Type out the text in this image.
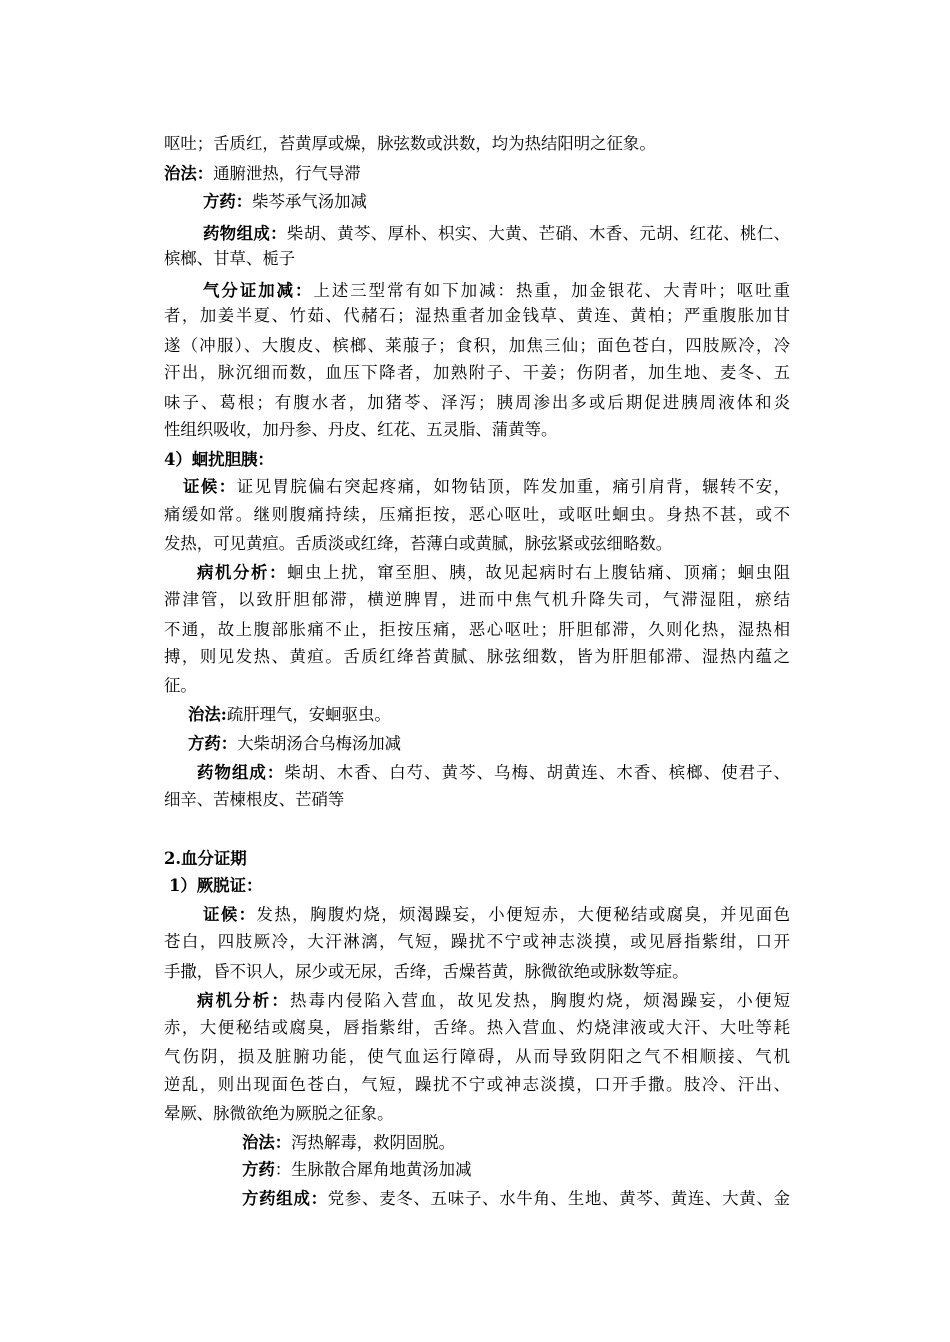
呕吐；舌质红，苔黄厚或燥，脉弦数或洪数，均为热结阳明之征象。
治法：通腑泄热，行气导滞
方药：柴芩承气汤加减
药物组成：柴胡、黄芩、厚朴、枳实、大黄、芒硝、木香、元胡、红花、桃仁、
槟榔、甘草、栀子
气分证加减：上述三型常有如下加减：热重，加金银花、大青叶；呕吐重
者，加姜半夏、竹茹、代赭石；湿热重者加金钱草、黄连、黄柏；严重腹胀加甘
遂（冲服）、大腹皮、槟榔、莱菔子；食积，加焦三仙；面色苍白，四肢厥冷，冷
汗出，脉沉细而数，血压下降者，加熟附子、干姜；伤阴者，加生地、麦冬、五
味子、葛根；有腹水者，加猪苓、泽泻；胰周渗出多或后期促进胰周液体和炎
性组织吸收，加丹参、丹皮、红花、五灵脂、蒲黄等。
4）蛔扰胆胰：
证候：证见胃脘偏右突起疼痛，如物钻顶，阵发加重，痛引肩背，辗转不安，
痛缓如常。继则腹痛持续，压痛拒按，恶心呕吐，或呕吐蛔虫。身热不甚，或不
发热，可见黄疸。舌质淡或红绛，苔薄白或黄腻，脉弦紧或弦细略数。
病机分析：蛔虫上扰，窜至胆、胰，故见起病时右上腹钻痛、顶痛；蛔虫阻
滞津管，以致肝胆郁滞，横逆脾胃，进而中焦气机升降失司，气滞湿阻，瘀结
不通，故上腹部胀痛不止，拒按压痛，恶心呕吐；肝胆郁滞，久则化热，湿热相
搏，则见发热、黄疸。舌质红绛苔黄腻、脉弦细数，皆为肝胆郁滞、湿热内蕴之
征。
治法:疏肝理气，安蛔驱虫。
方药：大柴胡汤合乌梅汤加减
药物组成：柴胡、木香、白芍、黄芩、乌梅、胡黄连、木香、槟榔、使君子、
细辛、苦楝根皮、芒硝等
2.血分证期
1）厥脱证：
证候：发热，胸腹灼烧，烦渴躁妄，小便短赤，大便秘结或腐臭，并见面色
苍白，四肢厥冷，大汗淋漓，气短，躁扰不宁或神志淡摸，或见唇指紫绀，口开
手撒，昏不识人，尿少或无尿，舌绛，舌燥苔黄，脉微欲绝或脉数等症。
病机分析：热毒内侵陷入营血，故见发热，胸腹灼烧，烦渴躁妄，小便短
赤，大便秘结或腐臭，唇指紫绀，舌绛。热入营血、灼烧津液或大汗、大吐等耗
气伤阴，损及脏腑功能，使气血运行障碍，从而导致阴阳之气不相顺接、气机
逆乱，则出现面色苍白，气短，躁扰不宁或神志淡摸，口开手撒。肢冷、汗出、
晕厥、脉微欲绝为厥脱之征象。
治法：泻热解毒，救阴固脱。
方药：生脉散合犀角地黄汤加减
方药组成：党参、麦冬、五味子、水牛角、生地、黄芩、黄连、大黄、金
